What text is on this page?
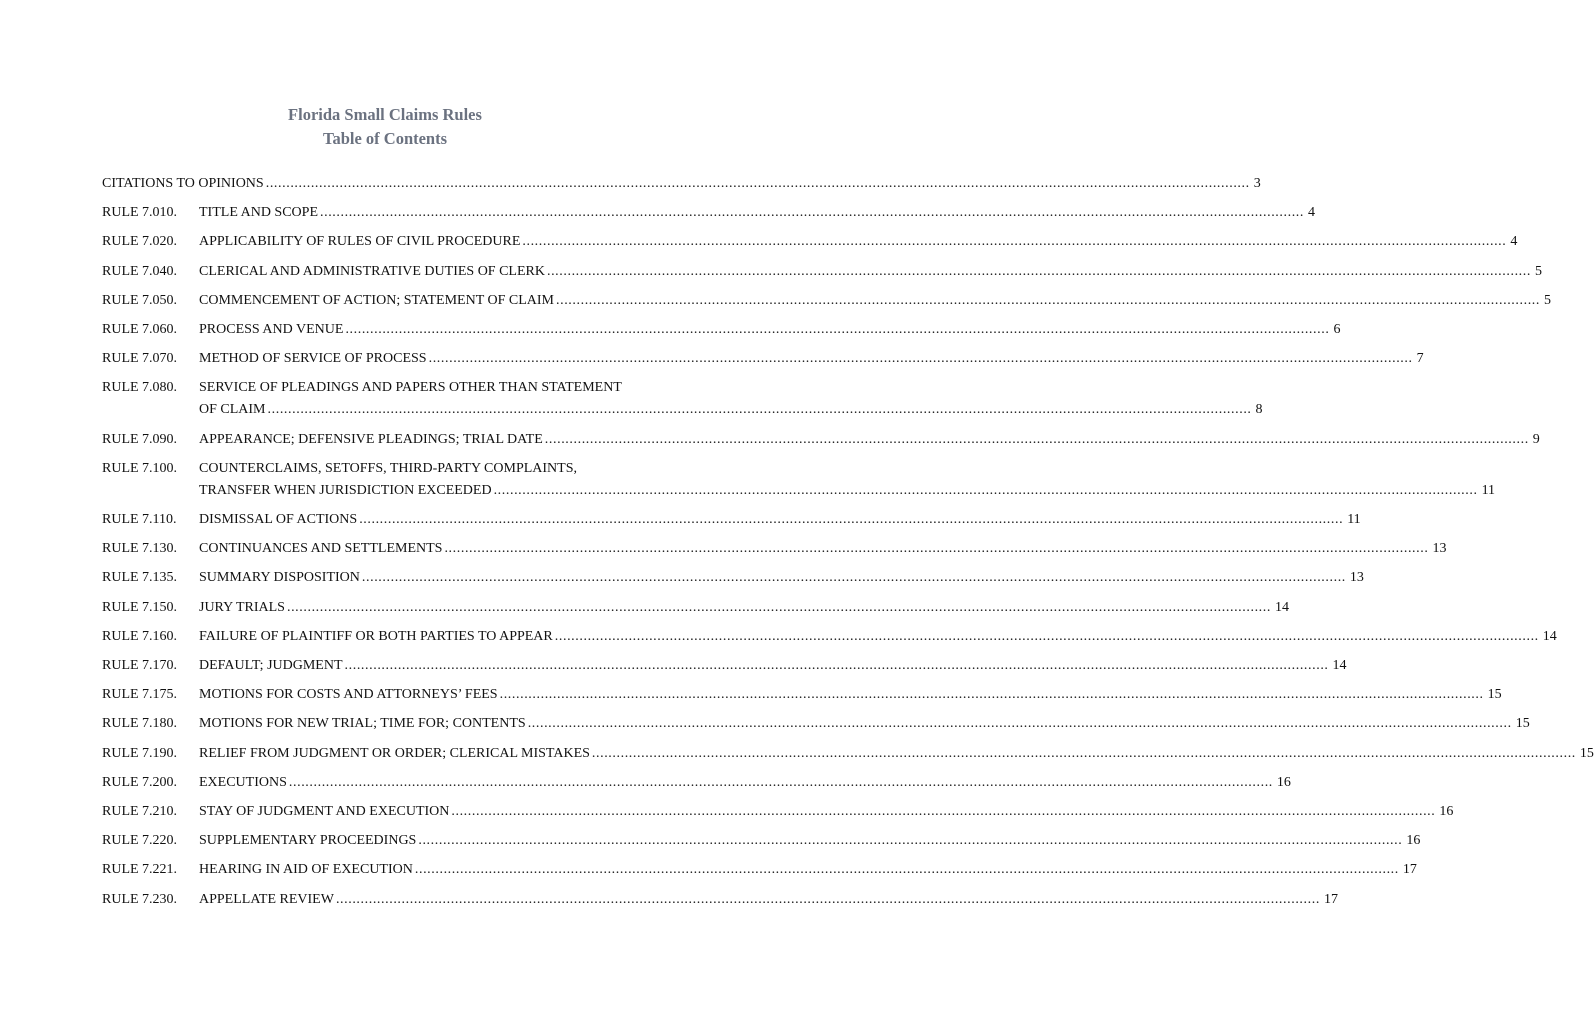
Florida Small Claims Rules
Table of Contents
CITATIONS TO OPINIONS ................................................................................................................................................................................................................................................ 3
RULE 7.010. TITLE AND SCOPE ................................................................................................................................................................................................................................................ 4
RULE 7.020. APPLICABILITY OF RULES OF CIVIL PROCEDURE ................................................................................................................................................................................................................................................ 4
RULE 7.040. CLERICAL AND ADMINISTRATIVE DUTIES OF CLERK ................................................................................................................................................................................................................................................ 5
RULE 7.050. COMMENCEMENT OF ACTION; STATEMENT OF CLAIM ................................................................................................................................................................................................................................................ 5
RULE 7.060. PROCESS AND VENUE ................................................................................................................................................................................................................................................ 6
RULE 7.070. METHOD OF SERVICE OF PROCESS ................................................................................................................................................................................................................................................ 7
RULE 7.080. SERVICE OF PLEADINGS AND PAPERS OTHER THAN STATEMENT
OF CLAIM ................................................................................................................................................................................................................................................ 8
RULE 7.090. APPEARANCE; DEFENSIVE PLEADINGS; TRIAL DATE ................................................................................................................................................................................................................................................ 9
RULE 7.100. COUNTERCLAIMS, SETOFFS, THIRD-PARTY COMPLAINTS,
TRANSFER WHEN JURISDICTION EXCEEDED ................................................................................................................................................................................................................................................ 11
RULE 7.110. DISMISSAL OF ACTIONS ................................................................................................................................................................................................................................................ 11
RULE 7.130. CONTINUANCES AND SETTLEMENTS ................................................................................................................................................................................................................................................ 13
RULE 7.135. SUMMARY DISPOSITION ................................................................................................................................................................................................................................................ 13
RULE 7.150. JURY TRIALS ................................................................................................................................................................................................................................................ 14
RULE 7.160. FAILURE OF PLAINTIFF OR BOTH PARTIES TO APPEAR ................................................................................................................................................................................................................................................ 14
RULE 7.170. DEFAULT; JUDGMENT ................................................................................................................................................................................................................................................ 14
RULE 7.175. MOTIONS FOR COSTS AND ATTORNEYS’ FEES ................................................................................................................................................................................................................................................ 15
RULE 7.180. MOTIONS FOR NEW TRIAL; TIME FOR; CONTENTS ................................................................................................................................................................................................................................................ 15
RULE 7.190. RELIEF FROM JUDGMENT OR ORDER; CLERICAL MISTAKES ................................................................................................................................................................................................................................................ 15
RULE 7.200. EXECUTIONS ................................................................................................................................................................................................................................................ 16
RULE 7.210. STAY OF JUDGMENT AND EXECUTION ................................................................................................................................................................................................................................................ 16
RULE 7.220. SUPPLEMENTARY PROCEEDINGS ................................................................................................................................................................................................................................................ 16
RULE 7.221. HEARING IN AID OF EXECUTION ................................................................................................................................................................................................................................................ 17
RULE 7.230. APPELLATE REVIEW ................................................................................................................................................................................................................................................ 17
